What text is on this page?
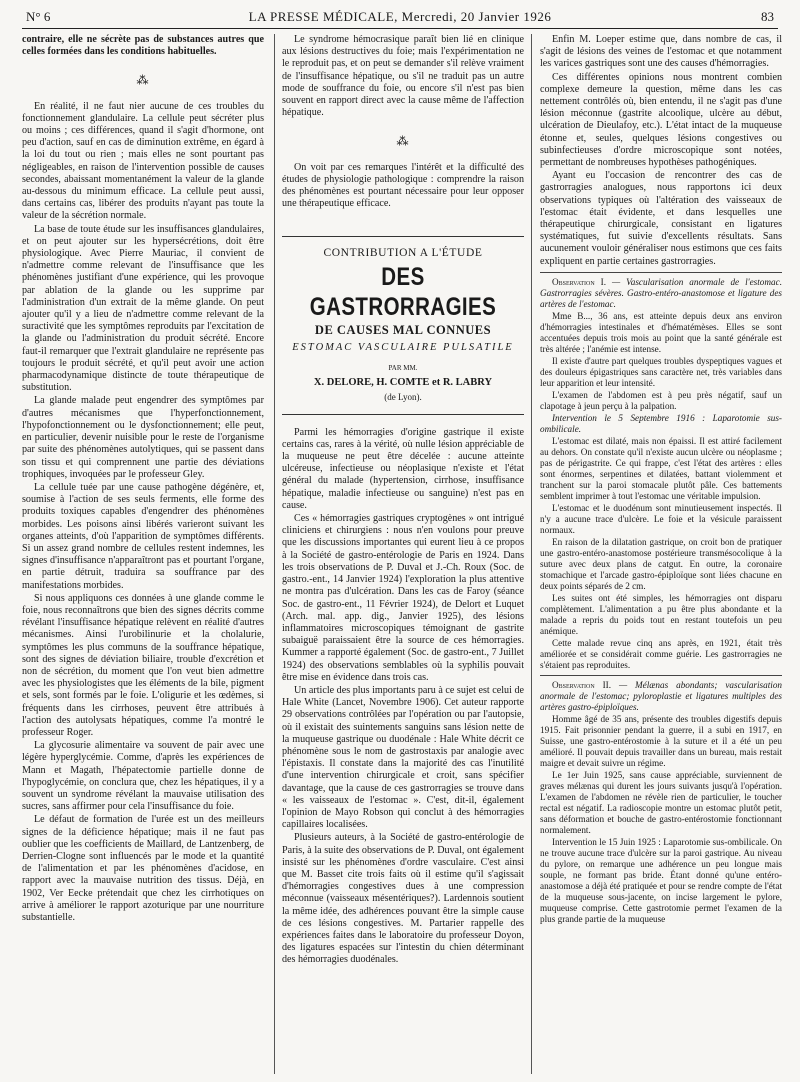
N° 6	LA PRESSE MÉDICALE, Mercredi, 20 Janvier 1926	83

contraire, elle ne sécrète pas de substances autres que celles formées dans les conditions habituelles.

⁂

En réalité, il ne faut nier aucune de ces troubles du fonctionnement glandulaire. La cellule peut sécréter plus ou moins ; ces différences, quand il s'agit d'hormone, ont peu d'action, sauf en cas de diminution extrême, en égard à la loi du tout ou rien ; mais elles ne sont pourtant pas négligeables, en raison de l'intervention possible de causes secondes, abaissant momentanément la valeur de la glande au-dessous du minimum efficace. La cellule peut aussi, dans certains cas, libérer des produits n'ayant pas toute la valeur de la sécrétion normale.

La base de toute étude sur les insuffisances glandulaires, et on peut ajouter sur les hypersécrétions, doit être physiologique. Avec Pierre Mauriac, il convient de n'admettre comme relevant de l'insuffisance que les phénomènes justifiant d'une expérience, qui les provoque par ablation de la glande ou les supprime par l'administration d'un extrait de la même glande. On peut ajouter qu'il y a lieu de n'admettre comme relevant de la suractivité que les symptômes reproduits par l'excitation de la glande ou l'administration du produit sécrété. Encore faut-il remarquer que l'extrait glandulaire ne représente pas toujours le produit sécrété, et qu'il peut avoir une action pharmacodynamique distincte de toute thérapeutique de substitution.

La glande malade peut engendrer des symptômes par d'autres mécanismes que l'hyperfonctionnement, l'hypofonctionnement ou le dysfonctionnement; elle peut, en particulier, devenir nuisible pour le reste de l'organisme par suite des phénomènes autolytiques, qui se passent dans son tissu et qui comprennent une partie des déviations trophiques, invoquées par le professeur Gley.

La cellule tuée par une cause pathogène dégénère, et, soumise à l'action de ses seuls ferments, elle forme des produits toxiques capables d'engendrer des phénomènes morbides. Les poisons ainsi libérés varieront suivant les organes atteints, d'où l'apparition de symptômes différents. Si un assez grand nombre de cellules restent indemnes, les signes d'insuffisance n'apparaîtront pas et pourtant l'organe, en partie détruit, traduira sa souffrance par des manifestations morbides.

Si nous appliquons ces données à une glande comme le foie, nous reconnaîtrons que bien des signes décrits comme révélant l'insuffisance hépatique relèvent en réalité d'autres mécanismes. Ainsi l'urobilinurie et la cholalurie, symptômes les plus communs de la souffrance hépatique, sont des signes de déviation biliaire, trouble d'excrétion et non de sécrétion, du moment que l'on veut bien admettre avec les physiologistes que les éléments de la bile, pigment et sels, sont formés par le foie. L'oligurie et les œdèmes, si fréquents dans les cirrhoses, peuvent être attribués à l'action des autolysats hépatiques, comme l'a montré le professeur Roger.

La glycosurie alimentaire va souvent de pair avec une légère hyperglycémie. Comme, d'après les expériences de Mann et Magath, l'hépatectomie partielle donne de l'hypoglycémie, on conclura que, chez les hépatiques, il y a souvent un syndrome révélant la mauvaise utilisation des sucres, sans affirmer pour cela l'insuffisance du foie.

Le défaut de formation de l'urée est un des meilleurs signes de la déficience hépatique; mais il ne faut pas oublier que les coefficients de Maillard, de Lantzenberg, de Derrien-Clogne sont influencés par le mode et la quantité de l'alimentation et par les phénomènes d'acidose, en rapport avec la mauvaise nutrition des tissus. Déjà, en 1902, Ver Eecke prétendait que chez les cirrhotiques on arrive à améliorer le rapport azoturique par une nourriture substantielle.

Le syndrome hémocrasique paraît bien lié en clinique aux lésions destructives du foie; mais l'expérimentation ne le reproduit pas, et on peut se demander s'il relève vraiment de l'insuffisance hépatique, ou s'il ne traduit pas un autre mode de souffrance du foie, ou encore s'il n'est pas bien souvent en rapport direct avec la cause même de l'affection hépatique.

⁂

On voit par ces remarques l'intérêt et la difficulté des études de physiologie pathologique : comprendre la raison des phénomènes est pourtant nécessaire pour leur opposer une thérapeutique efficace.

CONTRIBUTION A L'ÉTUDE
DES GASTRORRAGIES
DE CAUSES MAL CONNUES
ESTOMAC VASCULAIRE PULSATILE
PAR MM.
X. DELORE, H. COMTE et R. LABRY
(de Lyon).

Parmi les hémorragies d'origine gastrique il existe certains cas, rares à la vérité, où nulle lésion appréciable de la muqueuse ne peut être décelée : aucune atteinte ulcéreuse, infectieuse ou néoplasique n'existe et l'état général du malade (hypertension, cirrhose, insuffisance hépatique, maladie infectieuse ou sanguine) n'est pas en cause.

Ces « hémorragies gastriques cryptogènes » ont intrigué cliniciens et chirurgiens : nous n'en voulons pour preuve que les discussions importantes qui eurent lieu à ce propos à la Société de gastro-entérologie de Paris en 1924. Dans les trois observations de P. Duval et J.-Ch. Roux (Soc. de gastro.-ent., 14 Janvier 1924) l'exploration la plus attentive ne montra pas d'ulcération. Dans les cas de Faroy (séance Soc. de gastro-ent., 11 Février 1924), de Delort et Luquet (Arch. mal. app. dig., Janvier 1925), des lésions inflammatoires microscopiques témoignant de gastrite subaiguë paraissaient être la source de ces hémorragies. Kummer a rapporté également (Soc. de gastro-ent., 7 Juillet 1924) des observations semblables où la syphilis pouvait être mise en évidence dans trois cas.

Un article des plus importants paru à ce sujet est celui de Hale White (Lancet, Novembre 1906). Cet auteur rapporte 29 observations contrôlées par l'opération ou par l'autopsie, où il existait des suintements sanguins sans lésion nette de la muqueuse gastrique ou duodénale : Hale White décrit ce phénomène sous le nom de gastrostaxis par analogie avec l'épistaxis. Il constate dans la majorité des cas l'inutilité d'une intervention chirurgicale et croit, sans spécifier davantage, que la cause de ces gastrorragies se trouve dans « les vaisseaux de l'estomac ». C'est, dit-il, également l'opinion de Mayo Robson qui conclut à des hémorragies capillaires localisées.

Plusieurs auteurs, à la Société de gastro-entérologie de Paris, à la suite des observations de P. Duval, ont également insisté sur les phénomènes d'ordre vasculaire. C'est ainsi que M. Basset cite trois faits où il estime qu'il s'agissait d'hémorragies congestives dues à une compression méconnue (vaisseaux mésentériques?). Lardennois soutient la même idée, des adhérences pouvant être la simple cause de ces lésions congestives. M. Partarier rappelle des expériences faites dans le laboratoire du professeur Doyon, des ligatures espacées sur l'intestin du chien déterminant des hémorragies duodénales.

Enfin M. Loeper estime que, dans nombre de cas, il s'agit de lésions des veines de l'estomac et que notamment les varices gastriques sont une des causes d'hémorragies.

Ces différentes opinions nous montrent combien complexe demeure la question, même dans les cas nettement contrôlés où, bien entendu, il ne s'agit pas d'une lésion méconnue (gastrite alcoolique, ulcère au début, ulcération de Dieulafoy, etc.). L'état intact de la muqueuse étonne et, seules, quelques lésions congestives ou subinfectieuses d'ordre microscopique sont notées, permettant de nombreuses hypothèses pathogéniques.

Ayant eu l'occasion de rencontrer des cas de gastrorragies analogues, nous rapportons ici deux observations typiques où l'altération des vaisseaux de l'estomac était évidente, et dans lesquelles une thérapeutique chirurgicale, consistant en ligatures systématiques, fut suivie d'excellents résultats. Sans aucunement vouloir généraliser nous estimons que ces faits expliquent en partie certaines gastrorragies.

Observation I. — Vascularisation anormale de l'estomac. Gastrorragies sévères. Gastro-entéro-anastomose et ligature des artères de l'estomac.

Mme B..., 36 ans, est atteinte depuis deux ans environ d'hémorragies intestinales et d'hématémèses. Elles se sont accentuées depuis trois mois au point que la santé générale est très altérée ; l'anémie est intense.

Il existe d'autre part quelques troubles dyspeptiques vagues et des douleurs épigastriques sans caractère net, très variables dans leur apparition et leur intensité.

L'examen de l'abdomen est à peu près négatif, sauf un clapotage à jeun perçu à la palpation.

Intervention le 5 Septembre 1916 : Laparotomie sus-ombilicale.

L'estomac est dilaté, mais non épaissi. Il est attiré facilement au dehors. On constate qu'il n'existe aucun ulcère ou néoplasme ; pas de périgastrite. Ce qui frappe, c'est l'état des artères : elles sont énormes, serpentines et dilatées, battant violemment et tranchent sur la paroi stomacale plutôt pâle. Ces battements semblent imprimer à tout l'estomac une véritable impulsion.

L'estomac et le duodénum sont minutieusement inspectés. Il n'y a aucune trace d'ulcère. Le foie et la vésicule paraissent normaux.

En raison de la dilatation gastrique, on croit bon de pratiquer une gastro-entéro-anastomose postérieure transmésocolique à la suture avec deux plans de catgut. En outre, la coronaire stomachique et l'arcade gastro-épiploïque sont liées chacune en deux points séparés de 2 cm.

Les suites ont été simples, les hémorragies ont disparu complètement. L'alimentation a pu être plus abondante et la malade a repris du poids tout en restant toutefois un peu anémique.

Cette malade revue cinq ans après, en 1921, était très améliorée et se considérait comme guérie. Les gastrorragies ne s'étaient pas reproduites.

Observation II. — Mélænas abondants; vascularisation anormale de l'estomac; pyloroplastie et ligatures multiples des artères gastro-épiploïques.

Homme âgé de 35 ans, présente des troubles digestifs depuis 1915. Fait prisonnier pendant la guerre, il a subi en 1917, en Suisse, une gastro-entérostomie à la suture et il a été un peu amélioré. Il pouvait depuis travailler dans un bureau, mais restait maigre et devait suivre un régime.

Le 1er Juin 1925, sans cause appréciable, surviennent de graves mélænas qui durent les jours suivants jusqu'à l'opération. L'examen de l'abdomen ne révèle rien de particulier, le toucher rectal est négatif. La radioscopie montre un estomac plutôt petit, sans déformation et bouche de gastro-entérostomie fonctionnant normalement.

Intervention le 15 Juin 1925 : Laparotomie sus-ombilicale. On ne trouve aucune trace d'ulcère sur la paroi gastrique. Au niveau du pylore, on remarque une adhérence un peu longue mais souple, ne formant pas bride. Étant donné qu'une entéro-anastomose a déjà été pratiquée et pour se rendre compte de l'état de la muqueuse sous-jacente, on incise largement le pylore, muqueuse comprise. Cette gastrotomie permet l'examen de la plus grande partie de la muqueuse
